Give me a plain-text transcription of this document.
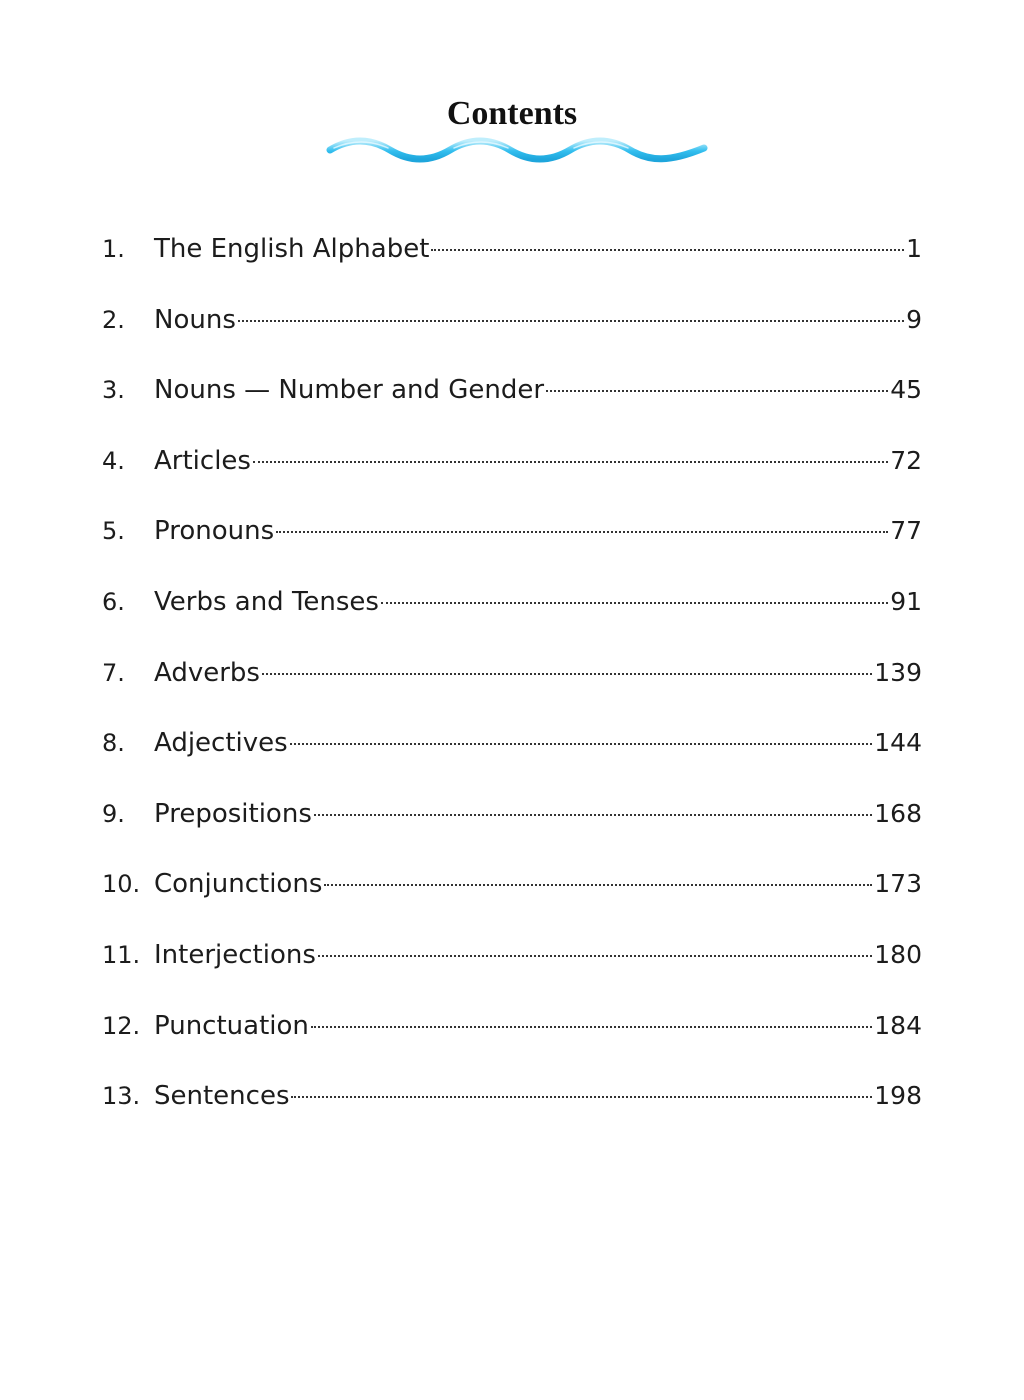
Contents
1.	The English Alphabet	1
2.	Nouns	9
3.	Nouns — Number and Gender	45
4.	Articles	72
5.	Pronouns	77
6.	Verbs and Tenses	91
7.	Adverbs	139
8.	Adjectives	144
9.	Prepositions	168
10. Conjunctions	173
11. Interjections	180
12. Punctuation	184
13. Sentences	198
